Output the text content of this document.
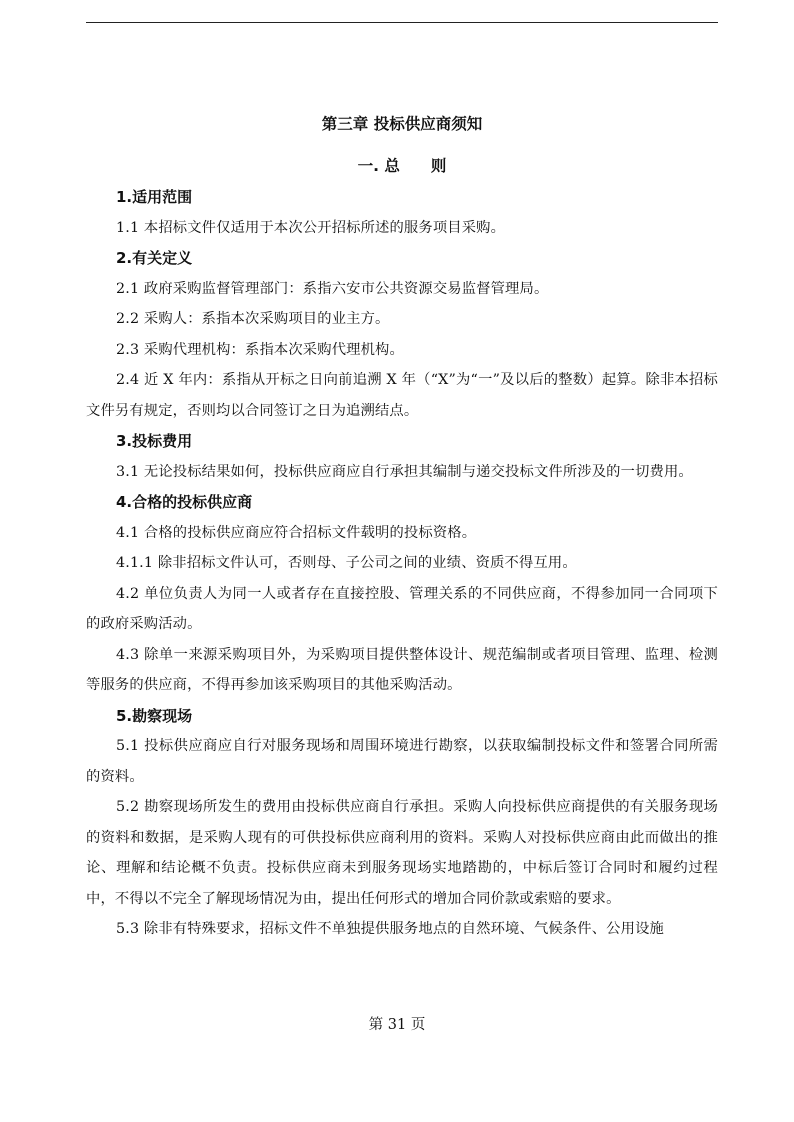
第三章 投标供应商须知
一. 总　　则

1.适用范围

1.1 本招标文件仅适用于本次公开招标所述的服务项目采购。

2.有关定义

2.1 政府采购监督管理部门：系指六安市公共资源交易监督管理局。

2.2 采购人：系指本次采购项目的业主方。

2.3 采购代理机构：系指本次采购代理机构。

2.4 近 X 年内：系指从开标之日向前追溯 X 年（“X”为“一”及以后的整数）起算。除非本招标文件另有规定，否则均以合同签订之日为追溯结点。

3.投标费用

3.1 无论投标结果如何，投标供应商应自行承担其编制与递交投标文件所涉及的一切费用。

4.合格的投标供应商

4.1 合格的投标供应商应符合招标文件载明的投标资格。

4.1.1 除非招标文件认可，否则母、子公司之间的业绩、资质不得互用。

4.2 单位负责人为同一人或者存在直接控股、管理关系的不同供应商，不得参加同一合同项下的政府采购活动。

4.3 除单一来源采购项目外，为采购项目提供整体设计、规范编制或者项目管理、监理、检测等服务的供应商，不得再参加该采购项目的其他采购活动。

5.勘察现场

5.1 投标供应商应自行对服务现场和周围环境进行勘察，以获取编制投标文件和签署合同所需的资料。

5.2 勘察现场所发生的费用由投标供应商自行承担。采购人向投标供应商提供的有关服务现场的资料和数据，是采购人现有的可供投标供应商利用的资料。采购人对投标供应商由此而做出的推论、理解和结论概不负责。投标供应商未到服务现场实地踏勘的，中标后签订合同时和履约过程中，不得以不完全了解现场情况为由，提出任何形式的增加合同价款或索赔的要求。

5.3 除非有特殊要求，招标文件不单独提供服务地点的自然环境、气候条件、公用设施

第 31 页
